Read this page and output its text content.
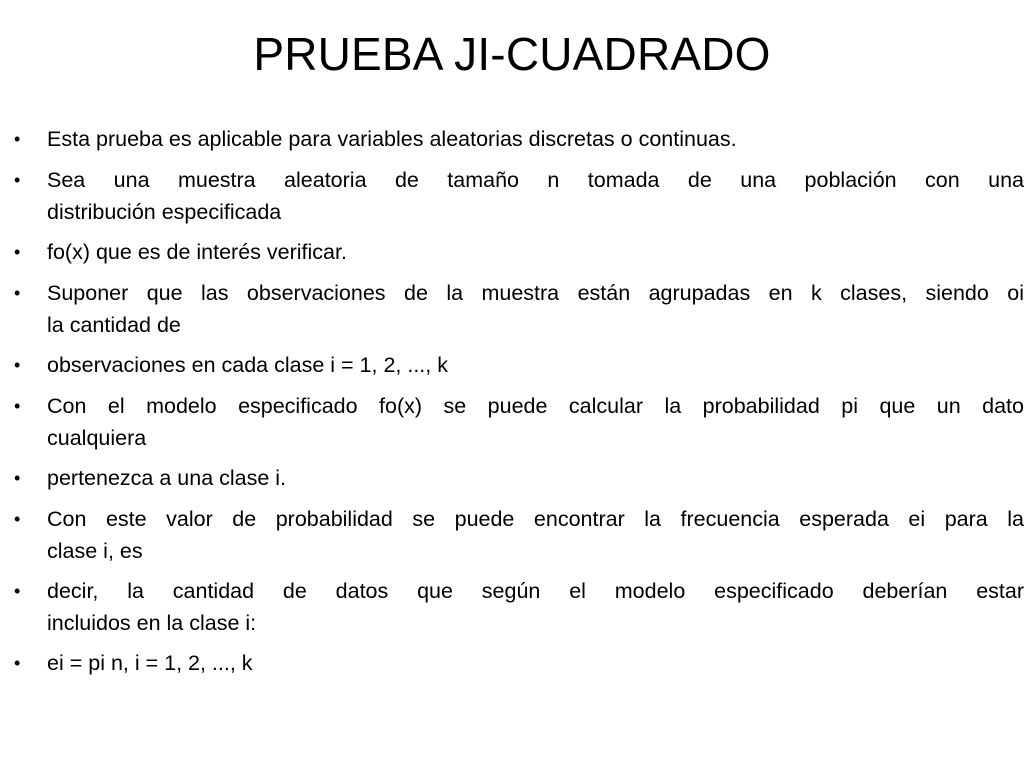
PRUEBA JI-CUADRADO
•	Esta prueba es aplicable para variables aleatorias discretas o continuas.
•	Sea una muestra aleatoria de tamaño n tomada de una población con una
distribución especificada
•	fo(x) que es de interés verificar.
•	Suponer que las observaciones de la muestra están agrupadas en k clases, siendo oi
la cantidad de
•	observaciones en cada clase i = 1, 2, ..., k
•	Con el modelo especificado fo(x) se puede calcular la probabilidad pi que un dato
cualquiera
•	pertenezca a una clase i.
•	Con este valor de probabilidad se puede encontrar la frecuencia esperada ei para la
clase i, es
•	decir, la cantidad de datos que según el modelo especificado deberían estar
incluidos en la clase i:
•	ei = pi n, i = 1, 2, ..., k
